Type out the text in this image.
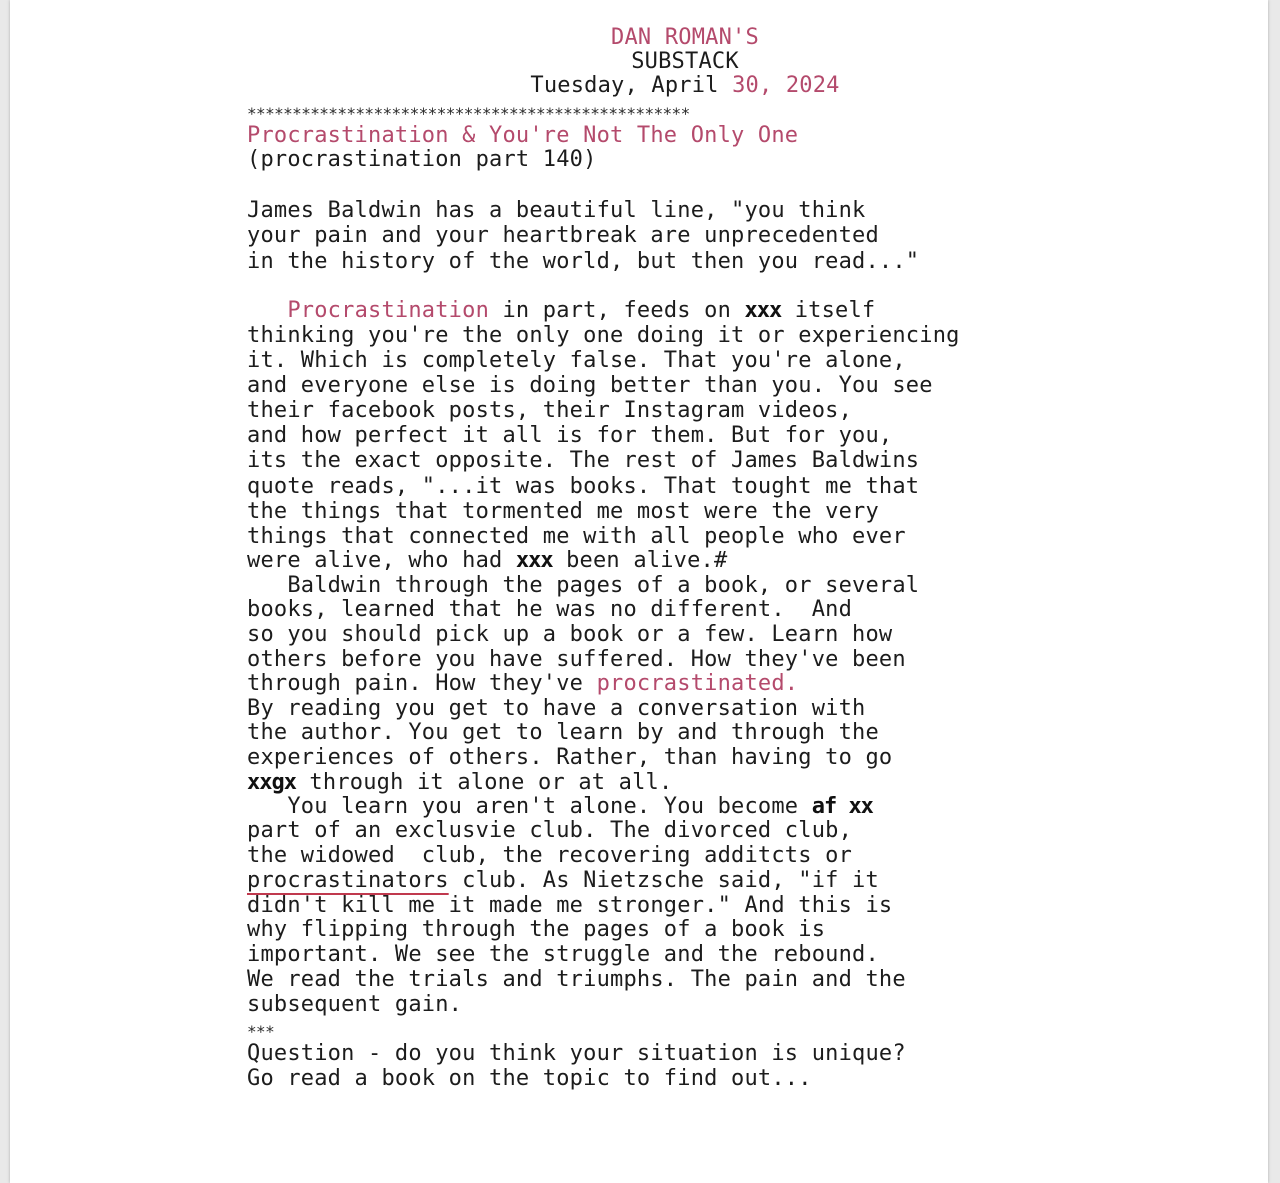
DAN ROMAN'S
SUBSTACK
Tuesday, April 30, 2024
*************************************************
Procrastination & You're Not The Only One
(procrastination part 140)
James Baldwin has a beautiful line, "you think
your pain and your heartbreak are unprecedented
in the history of the world, but then you read..."
Procrastination in part, feeds on xxx itself
thinking you're the only one doing it or experiencing
it. Which is completely false. That you're alone,
and everyone else is doing better than you. You see
their facebook posts, their Instagram videos,
and how perfect it all is for them. But for you,
its the exact opposite. The rest of James Baldwins
quote reads, "...it was books. That tought me that
the things that tormented me most were the very
things that connected me with all people who ever
were alive, who had xxx been alive.#
Baldwin through the pages of a book, or several
books, learned that he was no different.  And
so you should pick up a book or a few. Learn how
others before you have suffered. How they've been
through pain. How they've procrastinated.
By reading you get to have a conversation with
the author. You get to learn by and through the
experiences of others. Rather, than having to go
xxgx through it alone or at all.
You learn you aren't alone. You become af xx
part of an exclusvie club. The divorced club,
the widowed  club, the recovering additcts or
procrastinators club. As Nietzsche said, "if it
didn't kill me it made me stronger." And this is
why flipping through the pages of a book is
important. We see the struggle and the rebound.
We read the trials and triumphs. The pain and the
subsequent gain.
***
Question - do you think your situation is unique?
Go read a book on the topic to find out...
